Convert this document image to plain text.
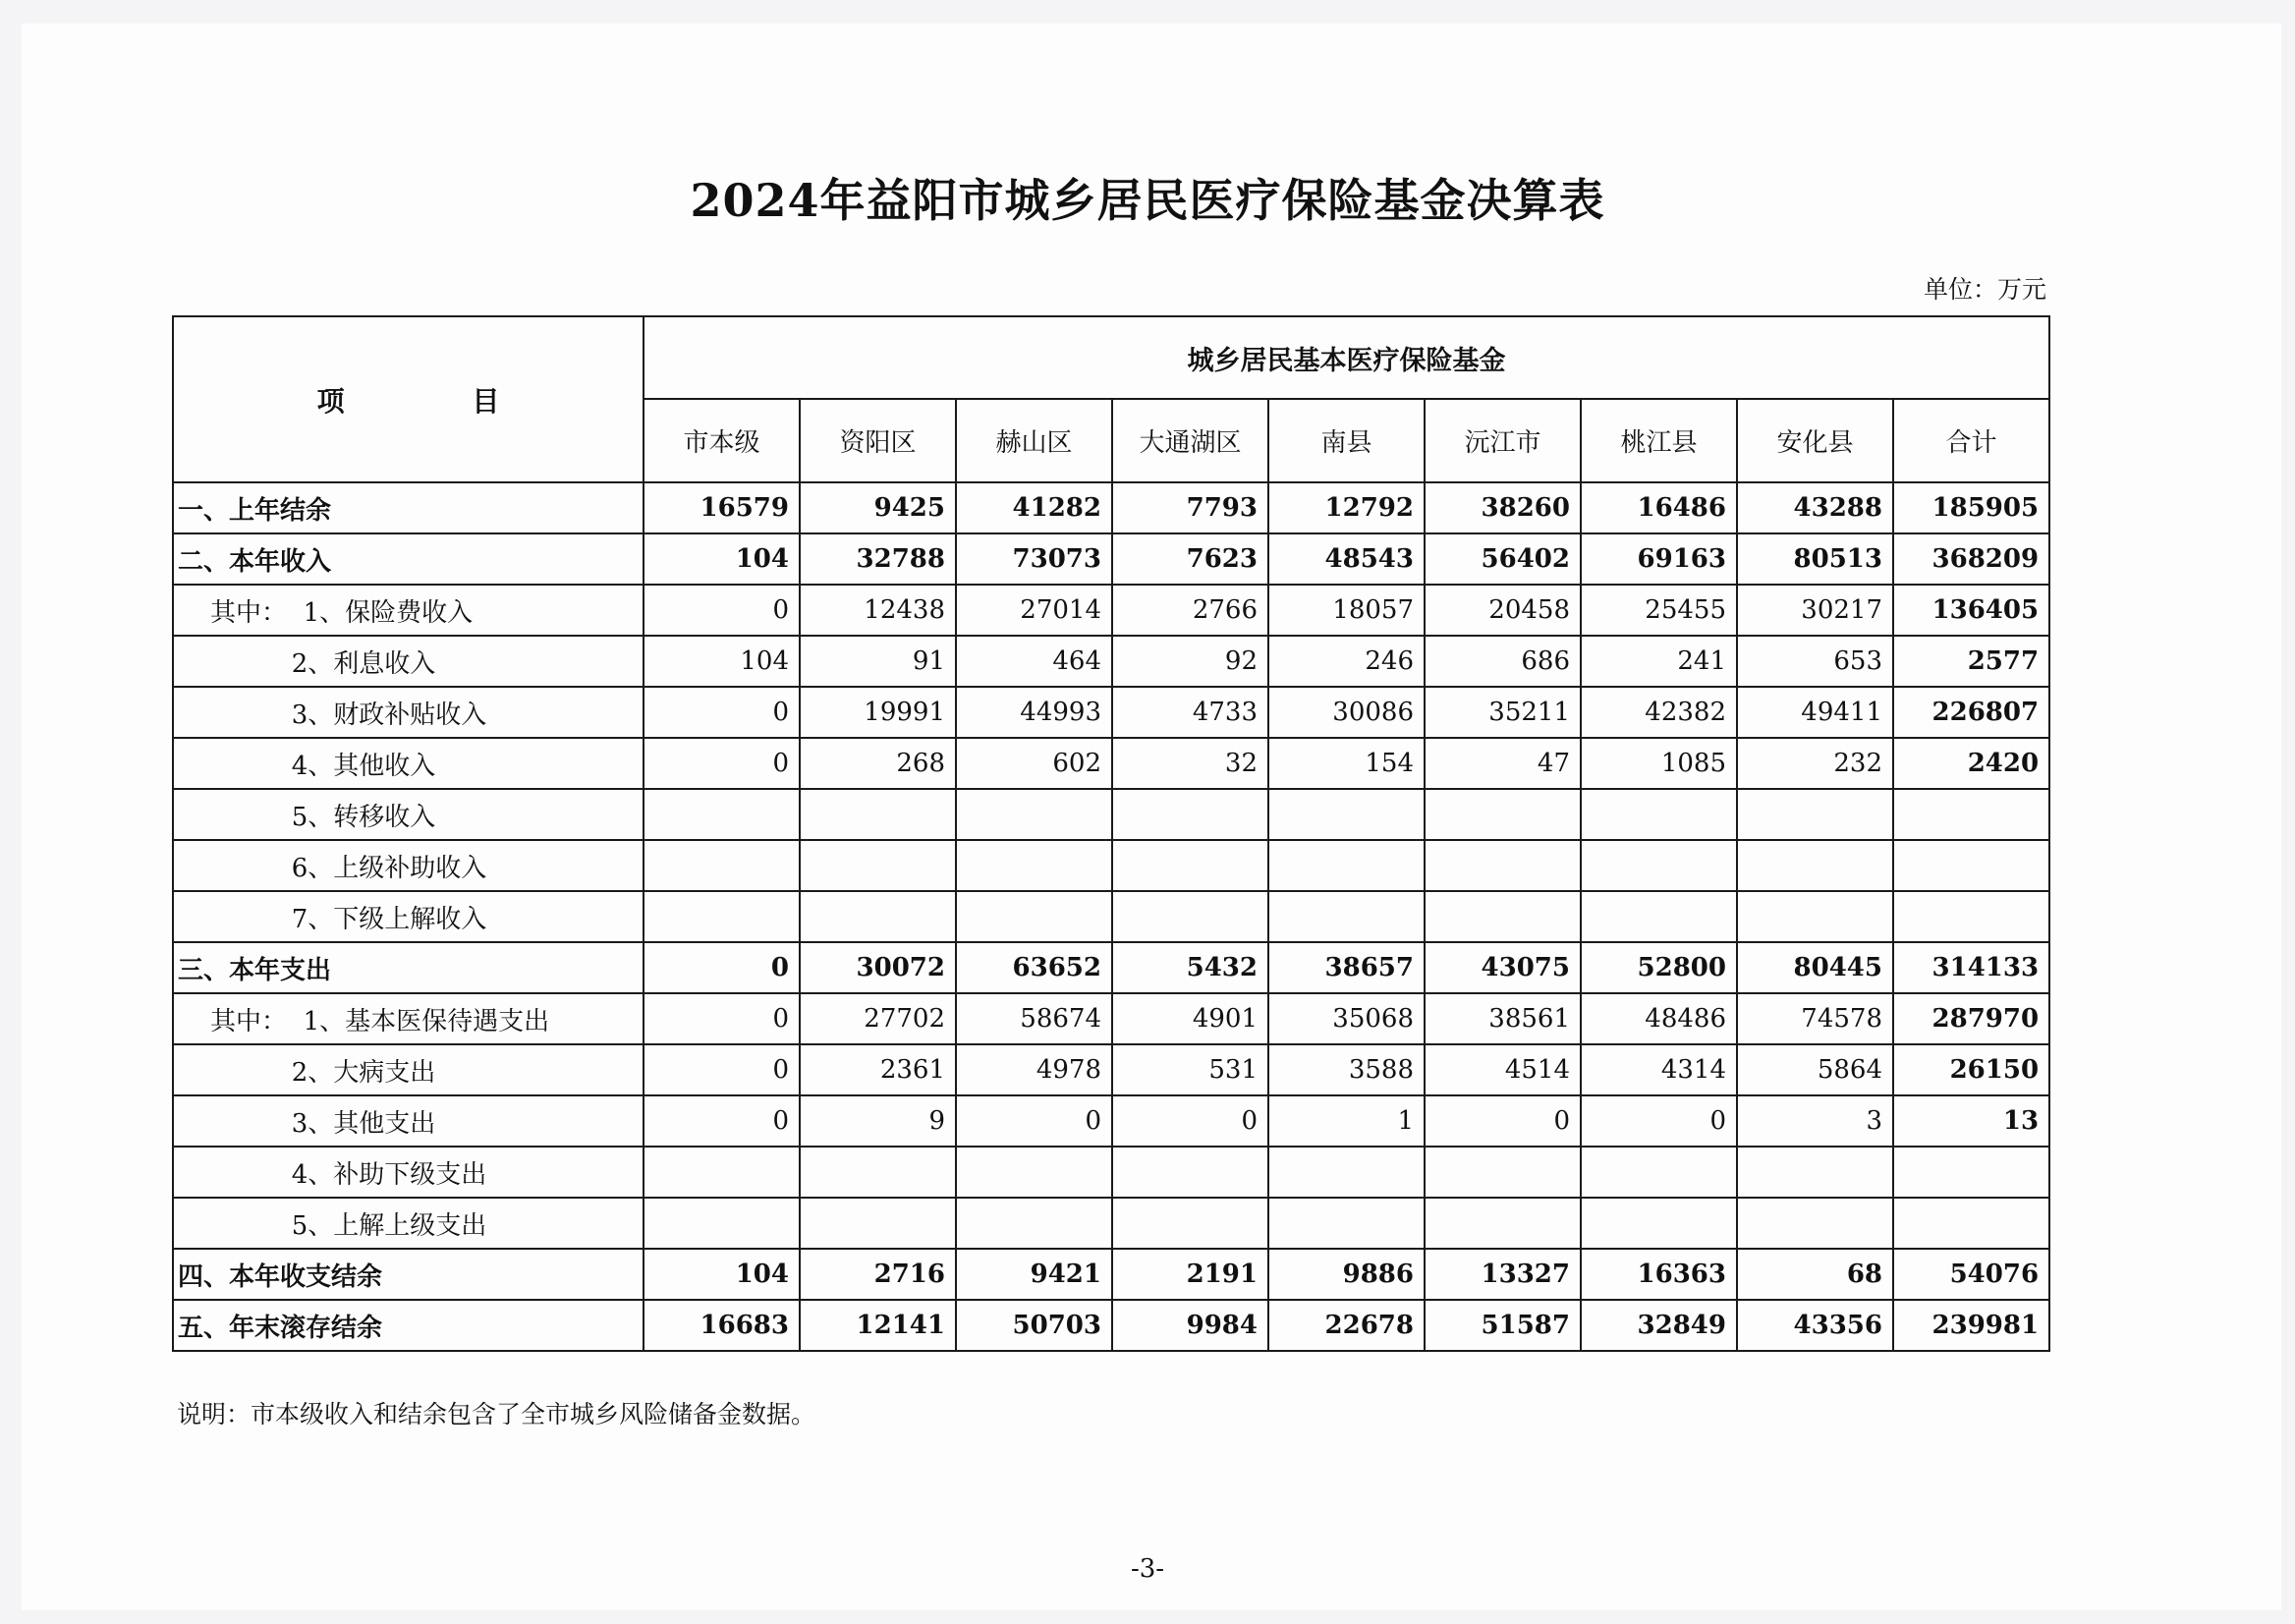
2024年益阳市城乡居民医疗保险基金决算表
单位：万元
项 目	城乡居民基本医疗保险基金								
	市本级	资阳区	赫山区	大通湖区	南县	沅江市	桃江县	安化县	合计
一、上年结余	16579	9425	41282	7793	12792	38260	16486	43288	185905
二、本年收入	104	32788	73073	7623	48543	56402	69163	80513	368209
其中：  1、保险费收入	0	12438	27014	2766	18057	20458	25455	30217	136405
2、利息收入	104	91	464	92	246	686	241	653	2577
3、财政补贴收入	0	19991	44993	4733	30086	35211	42382	49411	226807
4、其他收入	0	268	602	32	154	47	1085	232	2420
5、转移收入									
6、上级补助收入									
7、下级上解收入									
三、本年支出	0	30072	63652	5432	38657	43075	52800	80445	314133
其中：  1、基本医保待遇支出	0	27702	58674	4901	35068	38561	48486	74578	287970
2、大病支出	0	2361	4978	531	3588	4514	4314	5864	26150
3、其他支出	0	9	0	0	1	0	0	3	13
4、补助下级支出									
5、上解上级支出									
四、本年收支结余	104	2716	9421	2191	9886	13327	16363	68	54076
五、年末滚存结余	16683	12141	50703	9984	22678	51587	32849	43356	239981
说明：市本级收入和结余包含了全市城乡风险储备金数据。
-3-
